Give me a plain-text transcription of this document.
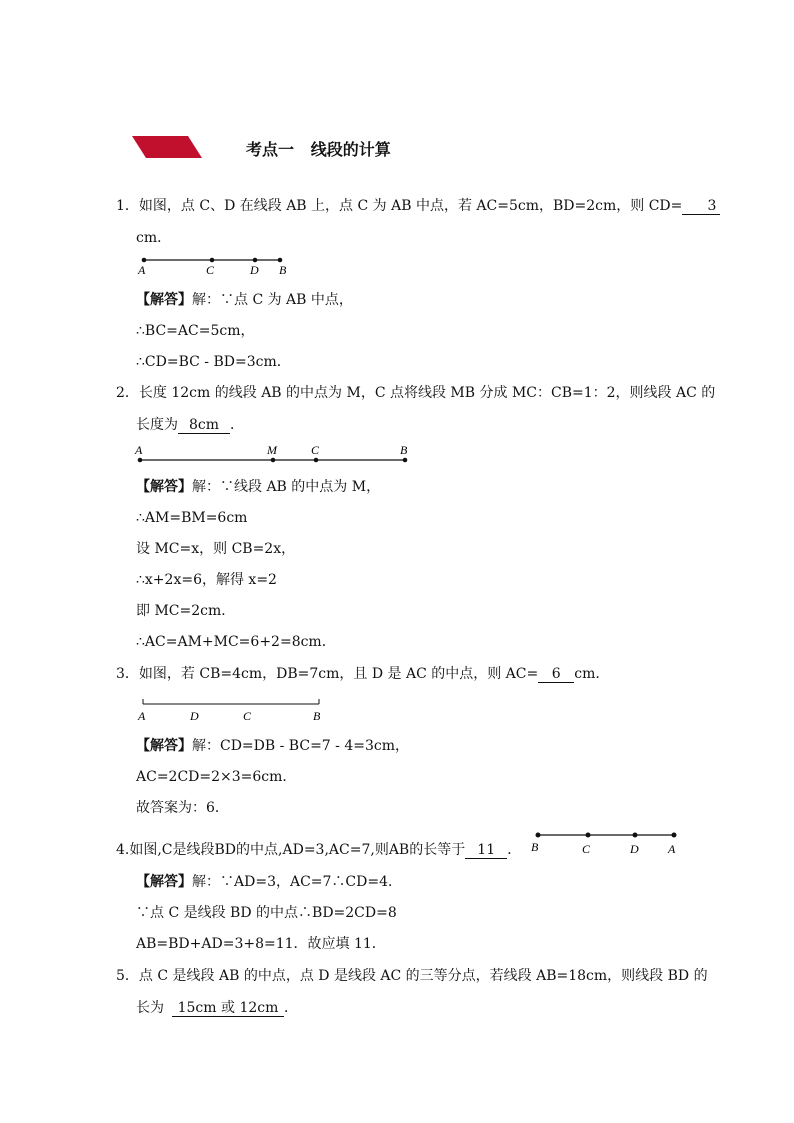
考点一   线段的计算
1．如图，点 C、D 在线段 AB 上，点 C 为 AB 中点，若 AC=5cm，BD=2cm，则 CD= 3
cm．
A	C	D B
【解答】解：∵点 C 为 AB 中点，
∴BC=AC=5cm，
∴CD=BC - BD=3cm．
2．长度 12cm 的线段 AB 的中点为 M，C 点将线段 MB 分成 MC：CB=1：2，则线段 AC 的
长度为 8cm ．
A	M	C	B
【解答】解：∵线段 AB 的中点为 M，
∴AM=BM=6cm
设 MC=x，则 CB=2x，
∴x+2x=6，解得 x=2
即 MC=2cm．
∴AC=AM+MC=6+2=8cm．
3．如图，若 CB=4cm，DB=7cm，且 D 是 AC 的中点，则 AC= 6 cm．
A	D	C	B
【解答】解：CD=DB - BC=7 - 4=3cm，
AC=2CD=2×3=6cm．
故答案为：6．
4.如图,C是线段BD的中点,AD=3,AC=7,则AB的长等于 11 ． B	C	D A
【解答】解：∵AD=3，AC=7∴CD=4．
∵点 C 是线段 BD 的中点∴BD=2CD=8
AB=BD+AD=3+8=11．故应填 11．
5．点 C 是线段 AB 的中点，点 D 是线段 AC 的三等分点，若线段 AB=18cm，则线段 BD 的
长为 15cm 或 12cm ．
